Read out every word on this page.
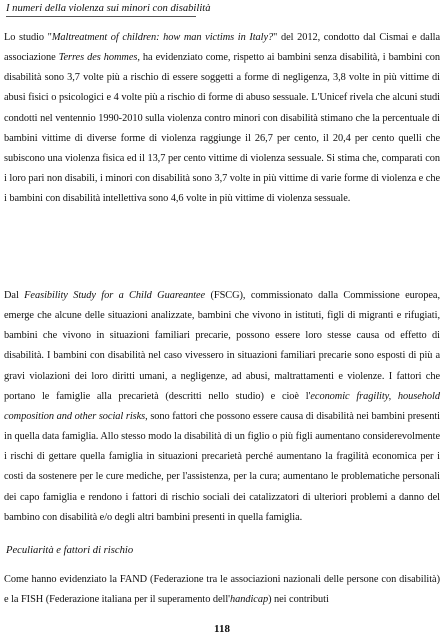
I numeri della violenza sui minori con disabilità

Lo studio "Maltreatment of children: how man victims in Italy?" del 2012, condotto dal Cismai e dalla associazione Terres des hommes, ha evidenziato come, rispetto ai bambini senza disabilità, i bambini con disabilità sono 3,7 volte più a rischio di essere soggetti a forme di negligenza, 3,8 volte in più vittime di abusi fisici o psicologici e 4 volte più a rischio di forme di abuso sessuale. L'Unicef rivela che alcuni studi condotti nel ventennio 1990-2010 sulla violenza contro minori con disabilità stimano che la percentuale di bambini vittime di diverse forme di violenza raggiunge il 26,7 per cento, il 20,4 per cento quelli che subiscono una violenza fisica ed il 13,7 per cento vittime di violenza sessuale. Si stima che, comparati con i loro pari non disabili, i minori con disabilità sono 3,7 volte in più vittime di varie forme di violenza e che i bambini con disabilità intellettiva sono 4,6 volte in più vittime di violenza sessuale.

Dal Feasibility Study for a Child Guareantee (FSCG), commissionato dalla Commissione europea, emerge che alcune delle situazioni analizzate, bambini che vivono in istituti, figli di migranti e rifugiati, bambini che vivono in situazioni familiari precarie, possono essere loro stesse causa od effetto di disabilità. I bambini con disabilità nel caso vivessero in situazioni familiari precarie sono esposti di più a gravi violazioni dei loro diritti umani, a negligenze, ad abusi, maltrattamenti e violenze. I fattori che portano le famiglie alla precarietà (descritti nello studio) e cioè l'economic fragility, household composition and other social risks, sono fattori che possono essere causa di disabilità nei bambini presenti in quella data famiglia. Allo stesso modo la disabilità di un figlio o più figli aumentano considerevolmente i rischi di gettare quella famiglia in situazioni precarietà perché aumentano la fragilità economica per i costi da sostenere per le cure mediche, per l'assistenza, per la cura; aumentano le problematiche personali dei capo famiglia e rendono i fattori di rischio sociali dei catalizzatori di ulteriori problemi a danno del bambino con disabilità e/o degli altri bambini presenti in quella famiglia.

Peculiarità e fattori di rischio

Come hanno evidenziato la FAND (Federazione tra le associazioni nazionali delle persone con disabilità) e la FISH (Federazione italiana per il superamento dell'handicap) nei contributi

118
